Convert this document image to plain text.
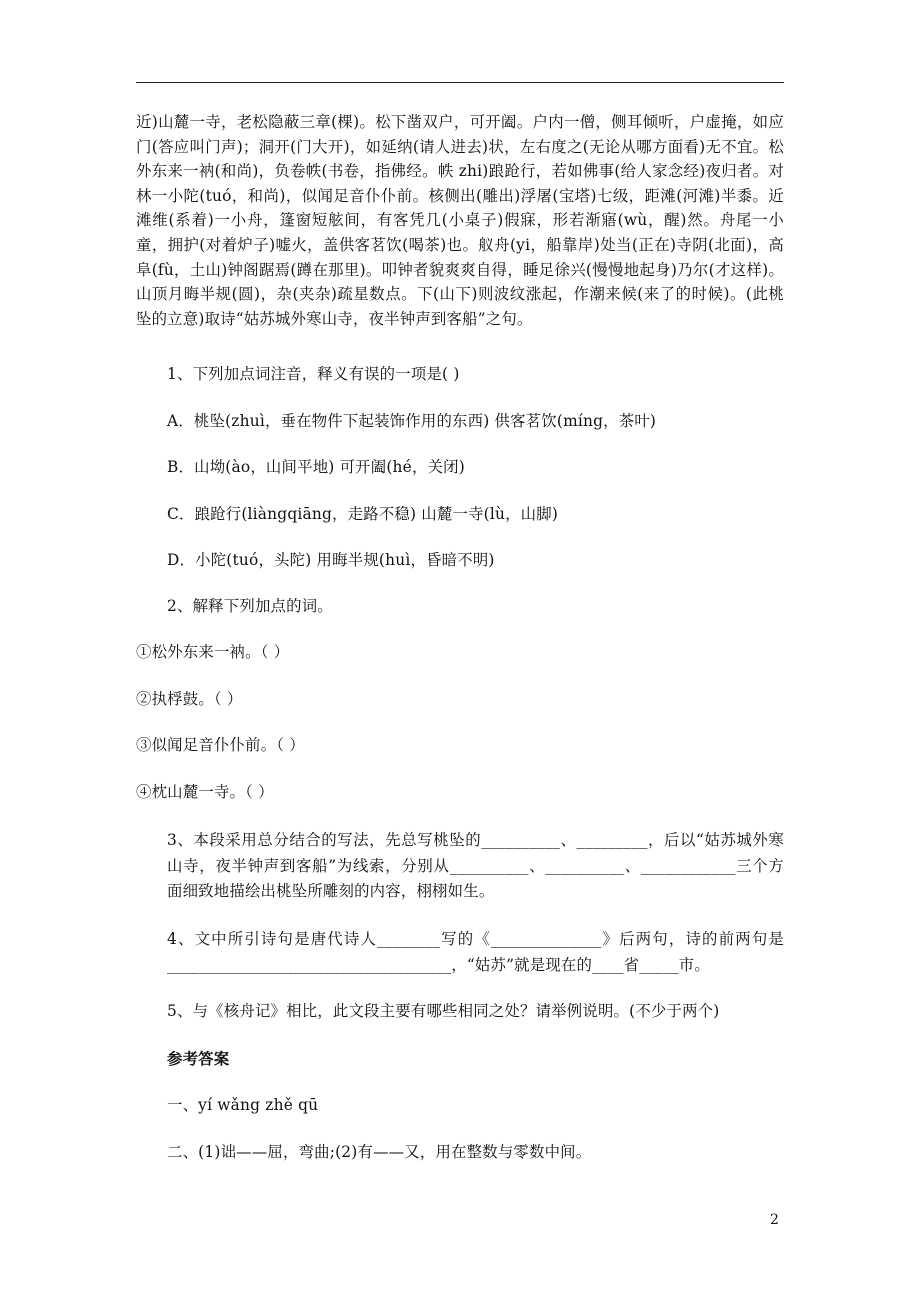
近)山麓一寺，老松隐蔽三章(棵)。松下凿双户，可开阖。户内一僧，侧耳倾听，户虚掩，如应门(答应叫门声)；洞开(门大开)，如延纳(请人进去)状，左右度之(无论从哪方面看)无不宜。松外东来一衲(和尚)，负卷帙(书卷，指佛经。帙 zhi)踉跄行，若如佛事(给人家念经)夜归者。对林一小陀(tuó，和尚)，似闻足音仆仆前。核侧出(雕出)浮屠(宝塔)七级，距滩(河滩)半黍。近滩维(系着)一小舟，篷窗短舷间，有客凭几(小桌子)假寐，形若渐寤(wù，醒)然。舟尾一小童，拥护(对着炉子)嘘火，盖供客茗饮(喝茶)也。舣舟(yi，船靠岸)处当(正在)寺阴(北面)，高阜(fù，土山)钟阁踞焉(蹲在那里)。叩钟者貌爽爽自得，睡足徐兴(慢慢地起身)乃尔(才这样)。山顶月晦半规(圆)，杂(夹杂)疏星数点。下(山下)则波纹涨起，作潮来候(来了的时候)。(此桃坠的立意)取诗“姑苏城外寒山寺，夜半钟声到客船”之句。

1、下列加点词注音，释义有误的一项是( )

A．桃坠(zhuì，垂在物件下起装饰作用的东西) 供客茗饮(míng，茶叶)

B．山坳(ào，山间平地) 可开阖(hé，关闭)

C．踉跄行(liàngqiāng，走路不稳) 山麓一寺(lù，山脚)

D．小陀(tuó，头陀) 用晦半规(huì，昏暗不明)

2、解释下列加点的词。

①松外东来一衲。（ ）

②执桴鼓。（ ）

③似闻足音仆仆前。（ ）

④枕山麓一寺。（ ）

3、本段采用总分结合的写法，先总写桃坠的__________、_________，后以“姑苏城外寒山寺，夜半钟声到客船”为线索，分别从__________、__________、____________三个方面细致地描绘出桃坠所雕刻的内容，栩栩如生。

4、文中所引诗句是唐代诗人________写的《______________》后两句，诗的前两句是____________________________________，“姑苏”就是现在的____省_____市。

5、与《核舟记》相比，此文段主要有哪些相同之处？请举例说明。(不少于两个)

参考答案

一、yí wǎng zhě qū

二、(1)诎——屈，弯曲;(2)有——又，用在整数与零数中间。

2
